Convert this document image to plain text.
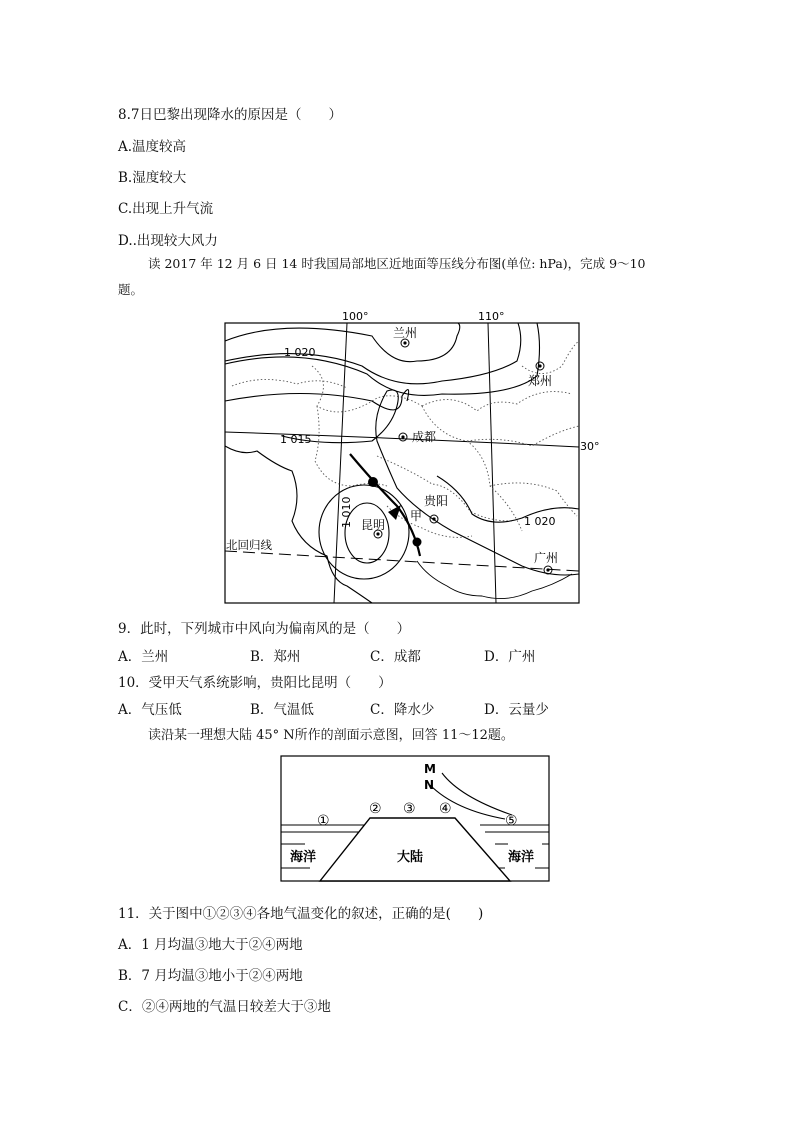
8.7日巴黎出现降水的原因是（　　）
A.温度较高
B.湿度较大
C.出现上升气流
D..出现较大风力
读 2017 年 12 月 6 日 14 时我国局部地区近地面等压线分布图(单位: hPa)，完成 9～10
题。
100°	110°
30°
北回归线
1 020
1 015
1 010	1 020
甲
兰州
郑州
成都
贵阳
昆明
广州
9．此时，下列城市中风向为偏南风的是（　　）
A．兰州	B．郑州	C．成都	D．广州
10．受甲天气系统影响，贵阳比昆明（　　）
A．气压低	B．气温低	C．降水少	D．云量少
读沿某一理想大陆 45° N所作的剖面示意图，回答 11～12题。
M
N
①
② ③ ④
⑤
大陆
海洋	海洋
11．关于图中①②③④各地气温变化的叙述，正确的是(　　)
A．1 月均温③地大于②④两地
B．7 月均温③地小于②④两地
C．②④两地的气温日较差大于③地
